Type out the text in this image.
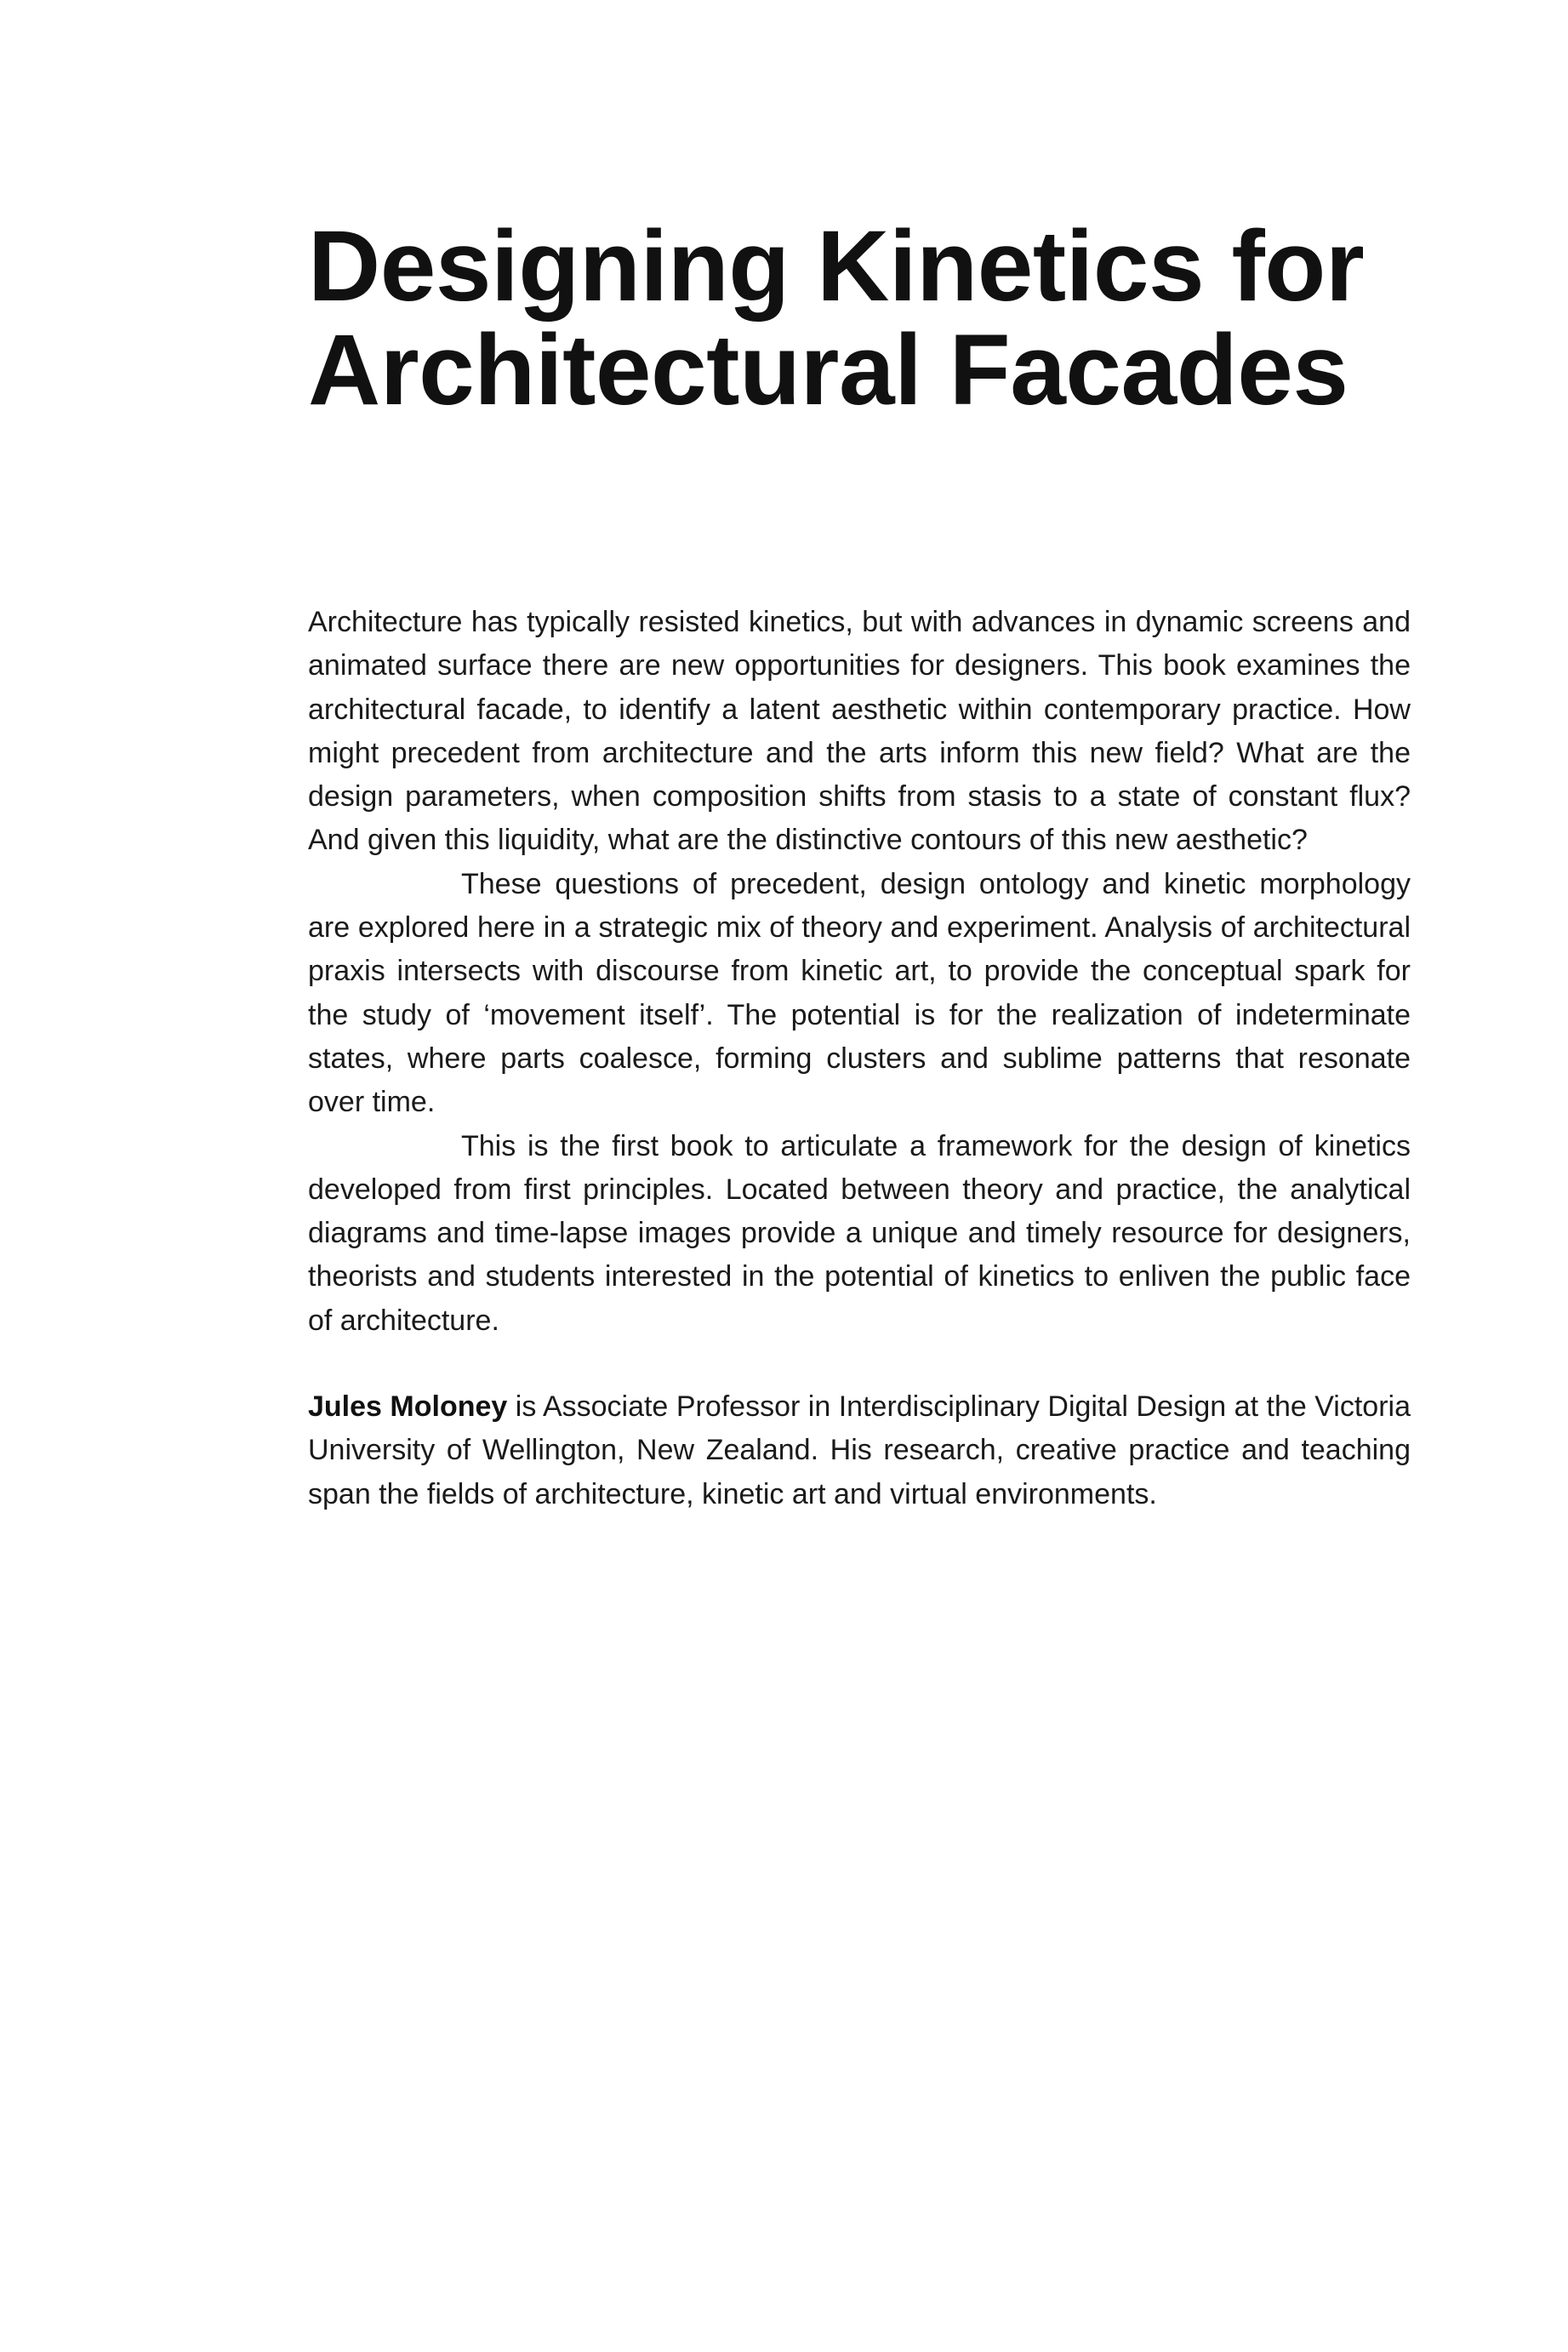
Designing Kinetics for
Architectural Facades

Architecture has typically resisted kinetics, but with advances in dynamic screens and animated surface there are new opportunities for designers. This book examines the architectural facade, to identify a latent aesthetic within contemporary practice. How might precedent from architecture and the arts inform this new field? What are the design parameters, when composition shifts from stasis to a state of constant flux? And given this liquidity, what are the distinctive contours of this new aesthetic?

These questions of precedent, design ontology and kinetic morphology are explored here in a strategic mix of theory and experiment. Analysis of architectural praxis intersects with discourse from kinetic art, to provide the conceptual spark for the study of ‘movement itself’. The potential is for the realization of indeterminate states, where parts coalesce, forming clusters and sublime patterns that resonate over time.

This is the first book to articulate a framework for the design of kinetics developed from first principles. Located between theory and practice, the analytical diagrams and time-lapse images provide a unique and timely resource for designers, theorists and students interested in the potential of kinetics to enliven the public face of architecture.

Jules Moloney is Associate Professor in Interdisciplinary Digital Design at the Victoria University of Wellington, New Zealand. His research, creative practice and teaching span the fields of architecture, kinetic art and virtual environments.
